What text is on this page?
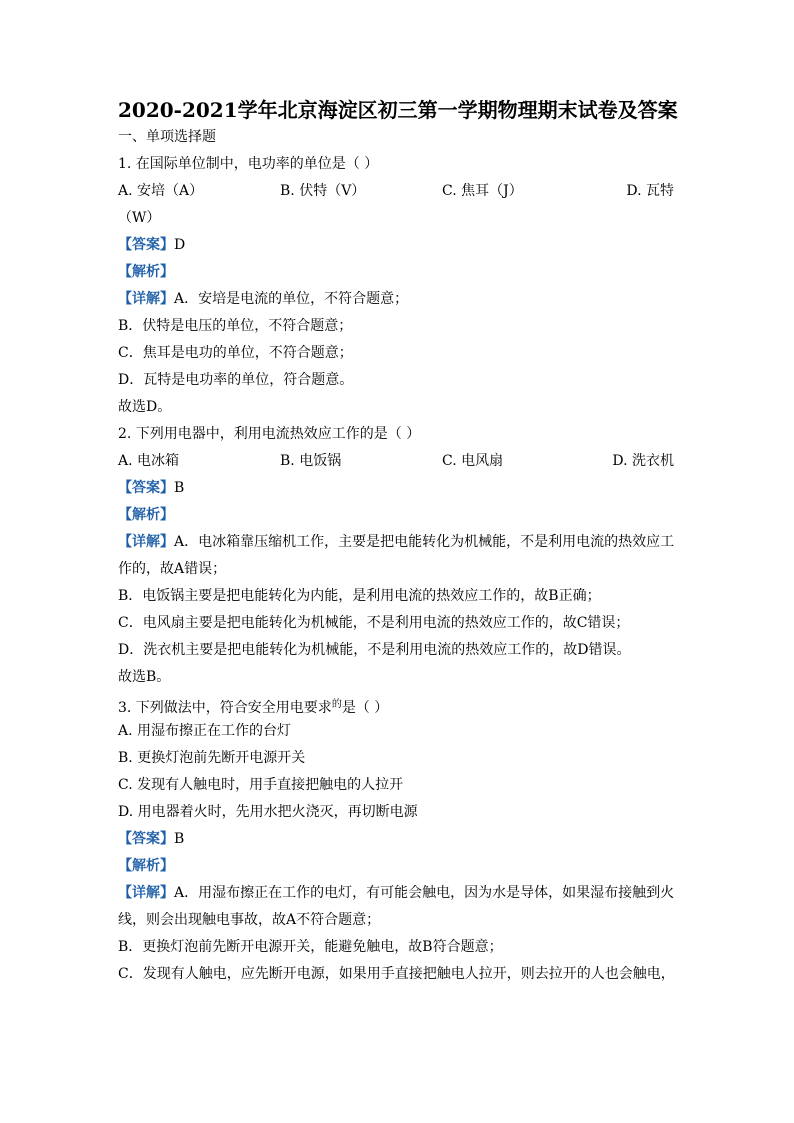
2020-2021学年北京海淀区初三第一学期物理期末试卷及答案
一、单项选择题
1. 在国际单位制中，电功率的单位是（ ）
A. 安培（A）	B. 伏特（V）	C. 焦耳（J）	D. 瓦特
（W）
【答案】D
【解析】
【详解】A．安培是电流的单位，不符合题意；
B．伏特是电压的单位，不符合题意；
C．焦耳是电功的单位，不符合题意；
D．瓦特是电功率的单位，符合题意。
故选D。
2. 下列用电器中，利用电流热效应工作的是（ ）
A. 电冰箱	B. 电饭锅	C. 电风扇	D. 洗衣机
【答案】B
【解析】
【详解】A．电冰箱靠压缩机工作，主要是把电能转化为机械能，不是利用电流的热效应工
作的，故A错误；
B．电饭锅主要是把电能转化为内能，是利用电流的热效应工作的，故B正确；
C．电风扇主要是把电能转化为机械能，不是利用电流的热效应工作的，故C错误；
D．洗衣机主要是把电能转化为机械能，不是利用电流的热效应工作的，故D错误。
故选B。
3. 下列做法中，符合安全用电要求$^的$是（ ）
A. 用湿布擦正在工作的台灯
B. 更换灯泡前先断开电源开关
C. 发现有人触电时，用手直接把触电的人拉开
D. 用电器着火时，先用水把火浇灭，再切断电源
【答案】B
【解析】
【详解】A．用湿布擦正在工作的电灯，有可能会触电，因为水是导体，如果湿布接触到火
线，则会出现触电事故，故A不符合题意；
B．更换灯泡前先断开电源开关，能避免触电，故B符合题意；
C．发现有人触电，应先断开电源，如果用手直接把触电人拉开，则去拉开的人也会触电，
